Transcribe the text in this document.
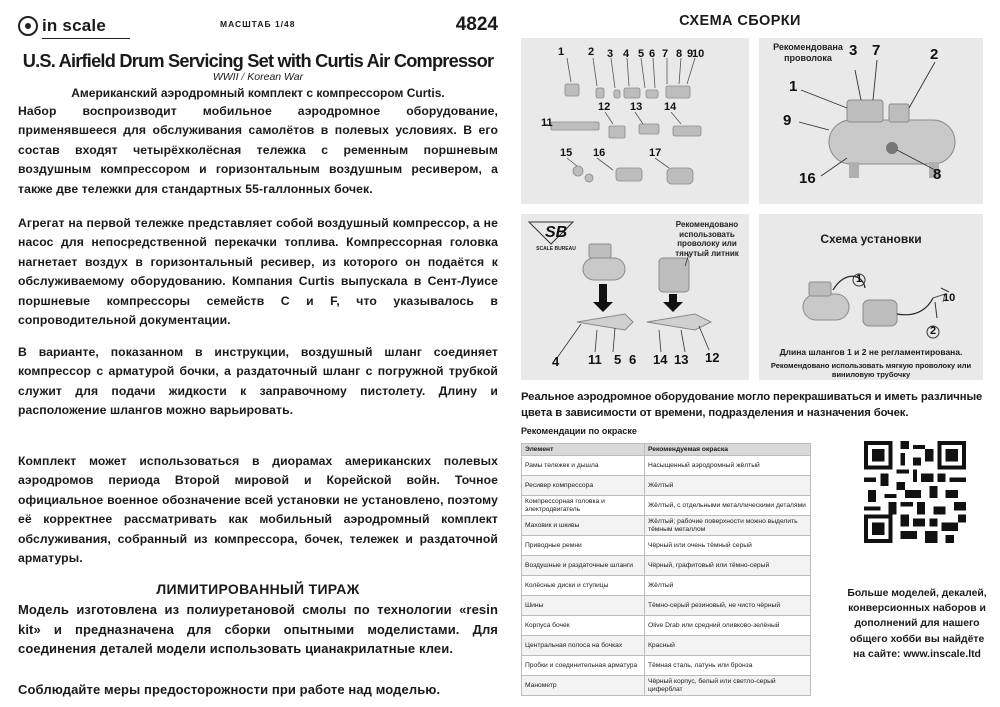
in scale	МАСШТАБ 1/48	4824
U.S. Airfield Drum Servicing Set with Curtis Air Compressor
WWII / Korean War
Американский аэродромный комплект с компрессором Curtis.

Набор воспроизводит мобильное аэродромное оборудование, применявшееся для обслуживания самолётов в полевых условиях. В его состав входят четырёхколёсная тележка с ременным поршневым воздушным компрессором и горизонтальным воздушным ресивером, а также две тележки для стандартных 55-галлонных бочек.

Агрегат на первой тележке представляет собой воздушный компрессор, а не насос для непосредственной перекачки топлива. Компрессорная головка нагнетает воздух в горизонтальный ресивер, из которого он подаётся к обслуживаемому оборудованию. Компания Curtis выпускала в Сент-Луисе поршневые компрессоры семейств C и F, что указывалось в сопроводительной документации.

В варианте, показанном в инструкции, воздушный шланг соединяет компрессор с арматурой бочки, а раздаточный шланг с погружной трубкой служит для подачи жидкости к заправочному пистолету. Длину и расположение шлангов можно варьировать.

Комплект может использоваться в диорамах американских полевых аэродромов периода Второй мировой и Корейской войн. Точное официальное военное обозначение всей установки не установлено, поэтому её корректнее рассматривать как мобильный аэродромный комплект обслуживания, собранный из компрессора, бочек, тележек и раздаточной арматуры.

ЛИМИТИРОВАННЫЙ ТИРАЖ

Модель изготовлена из полиуретановой смолы по технологии «resin kit» и предназначена для сборки опытными моделистами. Для соединения деталей модели использовать цианакрилатные клеи.

Соблюдайте меры предосторожности при работе над моделью.

СХЕМА СБОРКИ
1 2 3 4 5 6 7 8 9
10
11
12 13 14
15 16	17
Рекомендована проволока	3 7	2
1
9
16	8
SB
SCALE BUREAU
Рекомендовано использовать проволоку или тянутый литник
4 11 5 6 14 13 12
Схема установки
1
10
2
Длина шлангов 1 и 2 не регламентирована.
Рекомендовано использовать мягкую проволоку или виниловую трубочку
Реальное аэродромное оборудование могло перекрашиваться и иметь различные цвета в зависимости от времени, подразделения и назначения бочек.
Рекомендации по окраске
Элемент	Рекомендуемая окраска
Рамы тележек и дышла	Насыщенный аэродромный жёлтый
Ресивер компрессора	Жёлтый
Компрессорная головка и электродвигатель	Жёлтый, с отдельными металлическими деталями
Маховик и шкивы	Жёлтый; рабочие поверхности можно выделить тёмным металлом
Приводные ремни	Чёрный или очень тёмный серый
Воздушные и раздаточные шланги	Чёрный, графитовый или тёмно-серый
Колёсные диски и ступицы	Жёлтый
Шины	Тёмно-серый резиновый, не чисто чёрный
Корпуса бочек	Olive Drab или средний оливково-зелёный
Центральная полоса на бочках	Красный
Пробки и соединительная арматура	Тёмная сталь, латунь или бронза
Манометр	Чёрный корпус, белый или светло-серый циферблат
Больше моделей, декалей,
конверсионных наборов и
дополнений для нашего
общего хобби вы найдёте
на сайте: www.inscale.ltd
